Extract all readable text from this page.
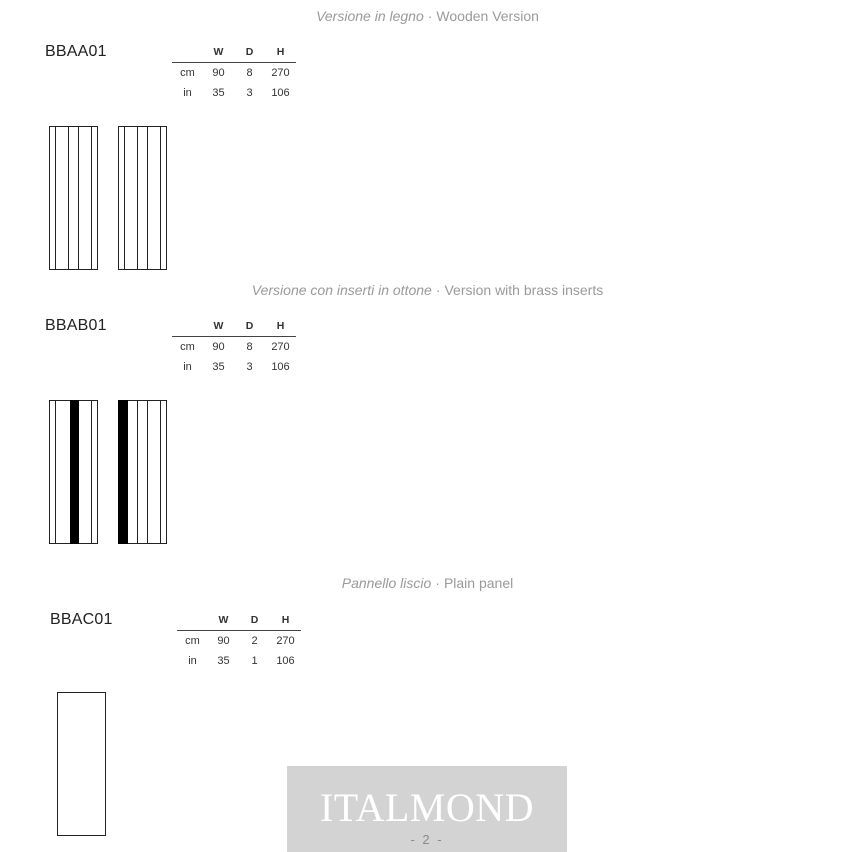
Versione in legno · Wooden Version
BBAA01
		W	D	H
cm	90	8	270
in	35	3	106
Versione con inserti in ottone · Version with brass inserts
BBAB01
		W	D	H
cm	90	8	270
in	35	3	106
Pannello liscio · Plain panel
BBAC01
		W	D	H
cm	90	2	270
in	35	1	106
ITALMOND
- 2 -
